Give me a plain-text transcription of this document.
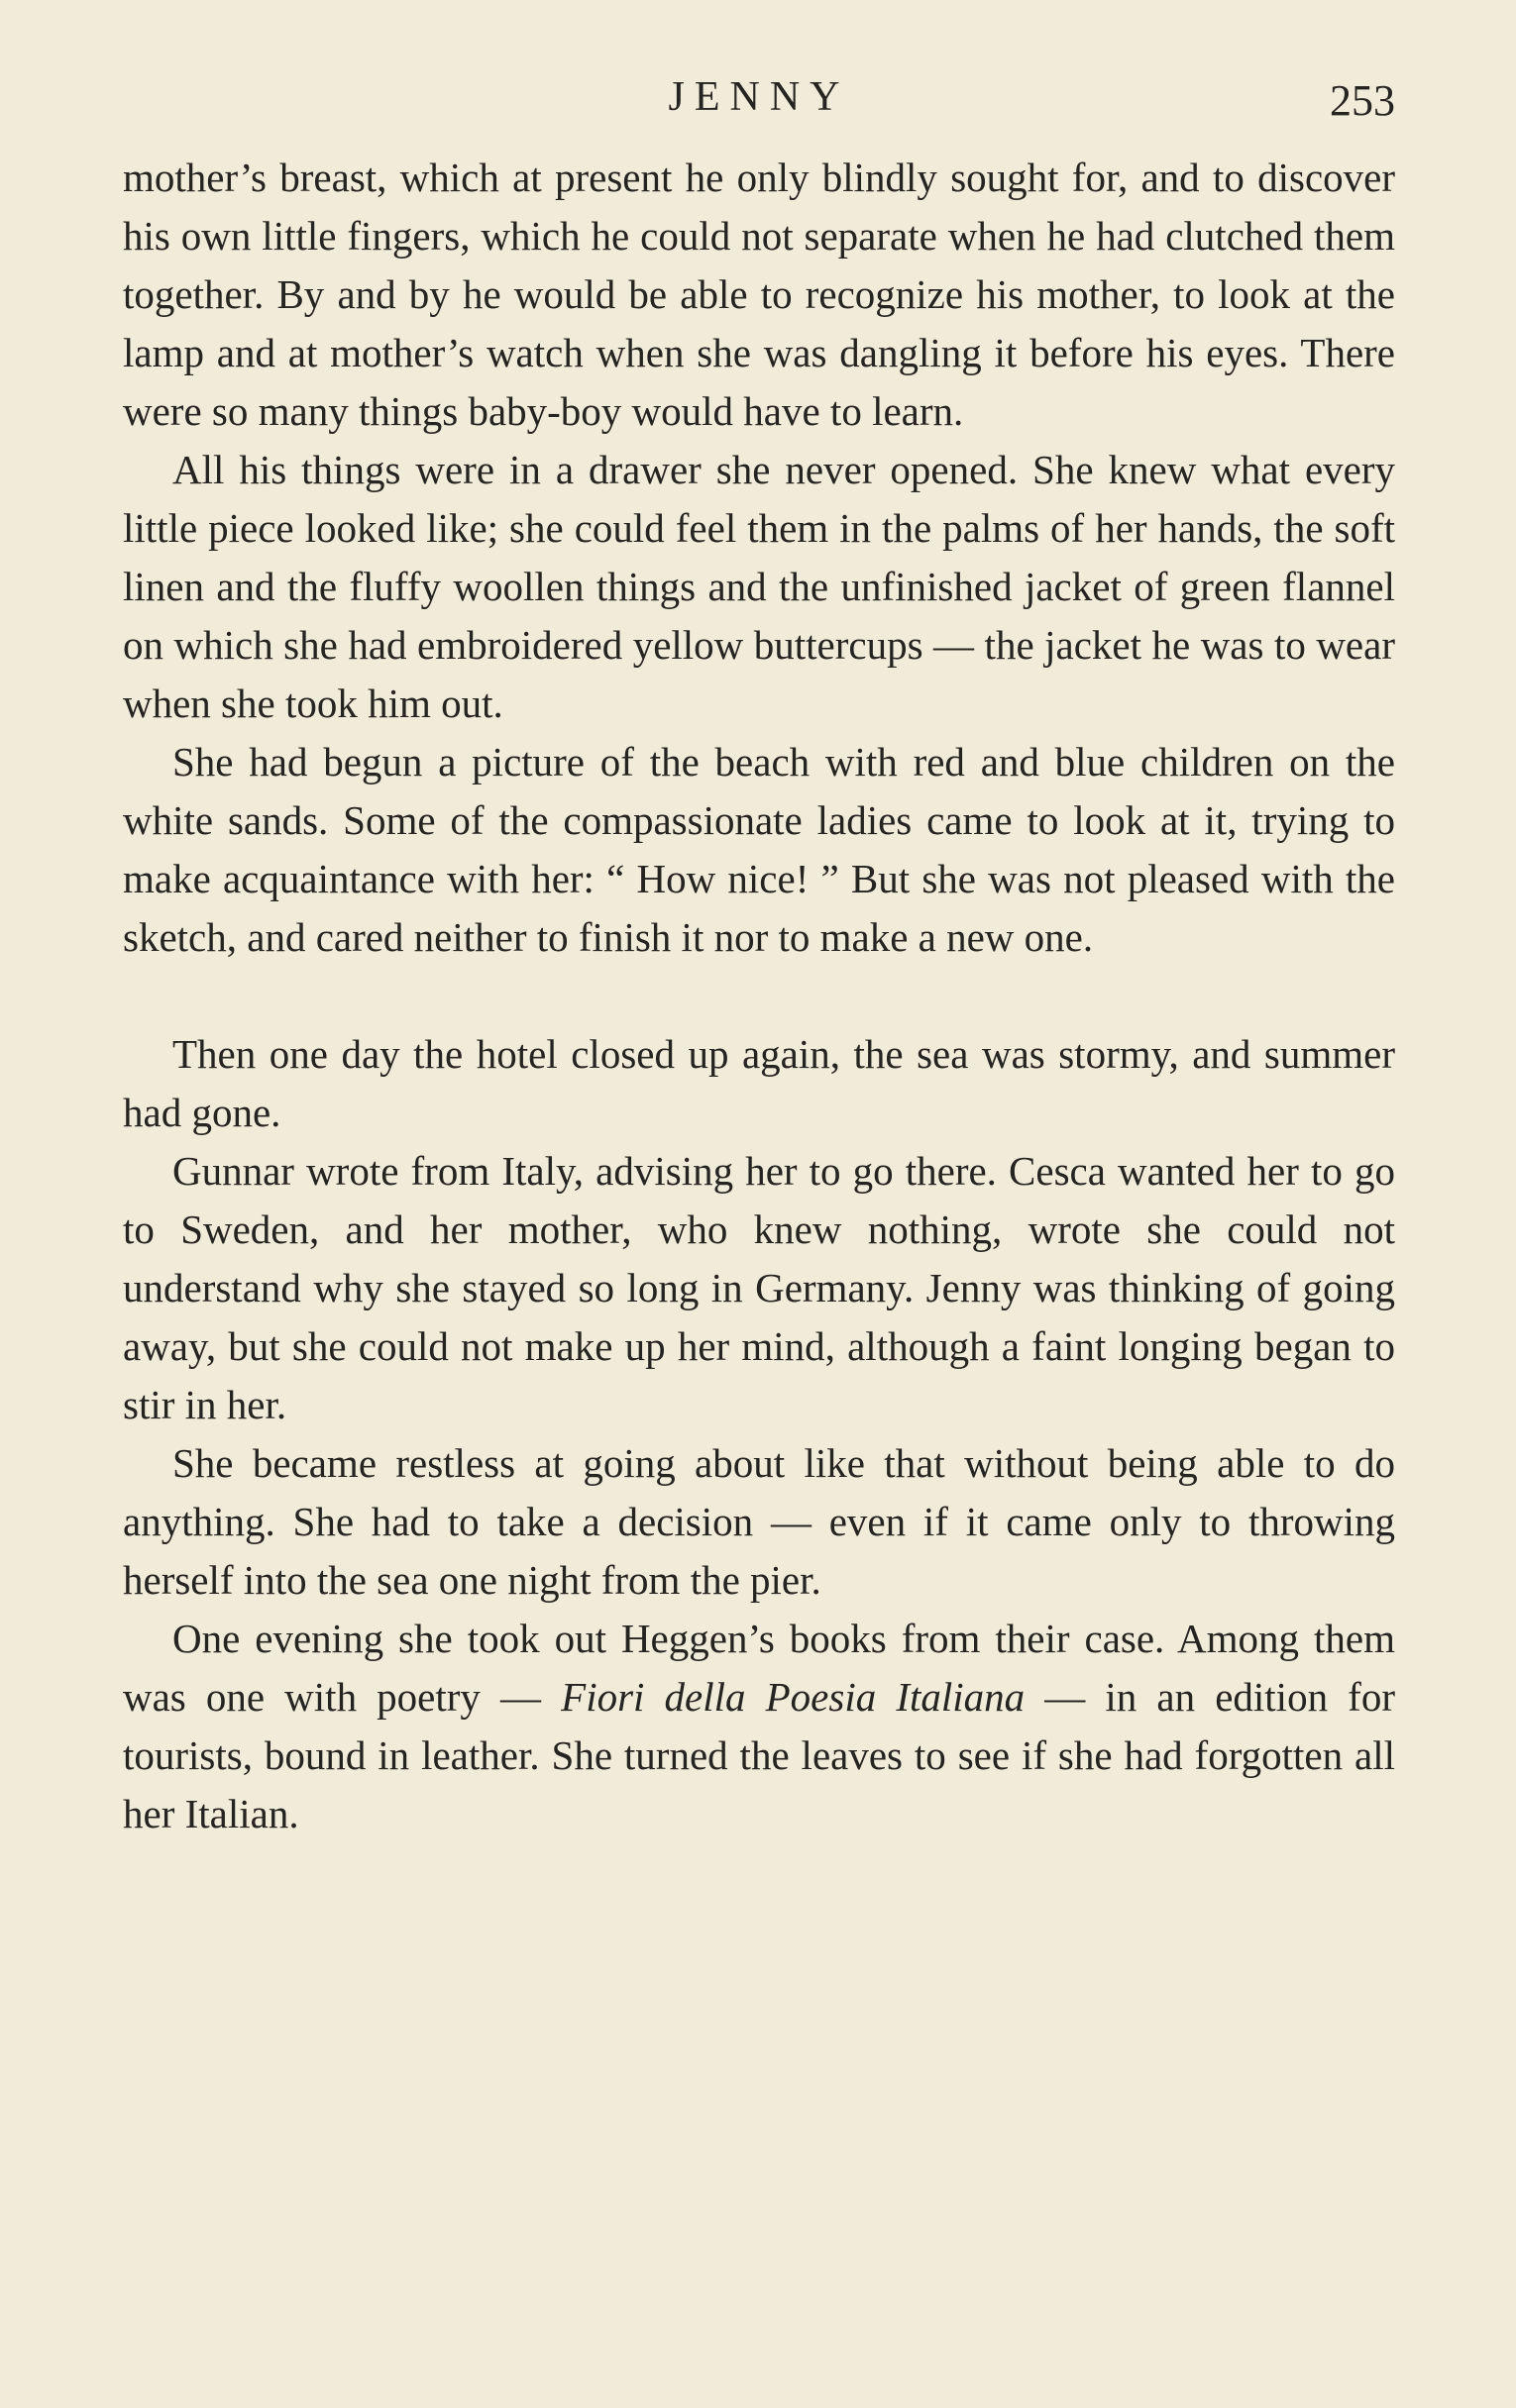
JENNY	253

mother’s breast, which at present he only blindly sought for, and to discover his own little fingers, which he could not separate when he had clutched them together. By and by he would be able to recognize his mother, to look at the lamp and at mother’s watch when she was dangling it before his eyes. There were so many things baby-boy would have to learn.

All his things were in a drawer she never opened. She knew what every little piece looked like; she could feel them in the palms of her hands, the soft linen and the fluffy woollen things and the unfinished jacket of green flannel on which she had embroidered yellow buttercups — the jacket he was to wear when she took him out.

She had begun a picture of the beach with red and blue children on the white sands. Some of the compassionate ladies came to look at it, trying to make acquaintance with her: “ How nice! ” But she was not pleased with the sketch, and cared neither to finish it nor to make a new one.

Then one day the hotel closed up again, the sea was stormy, and summer had gone.

Gunnar wrote from Italy, advising her to go there. Cesca wanted her to go to Sweden, and her mother, who knew nothing, wrote she could not understand why she stayed so long in Germany. Jenny was thinking of going away, but she could not make up her mind, although a faint longing began to stir in her.

She became restless at going about like that without being able to do anything. She had to take a decision — even if it came only to throwing herself into the sea one night from the pier.

One evening she took out Heggen’s books from their case. Among them was one with poetry — Fiori della Poesia Italiana — in an edition for tourists, bound in leather. She turned the leaves to see if she had forgotten all her Italian.
